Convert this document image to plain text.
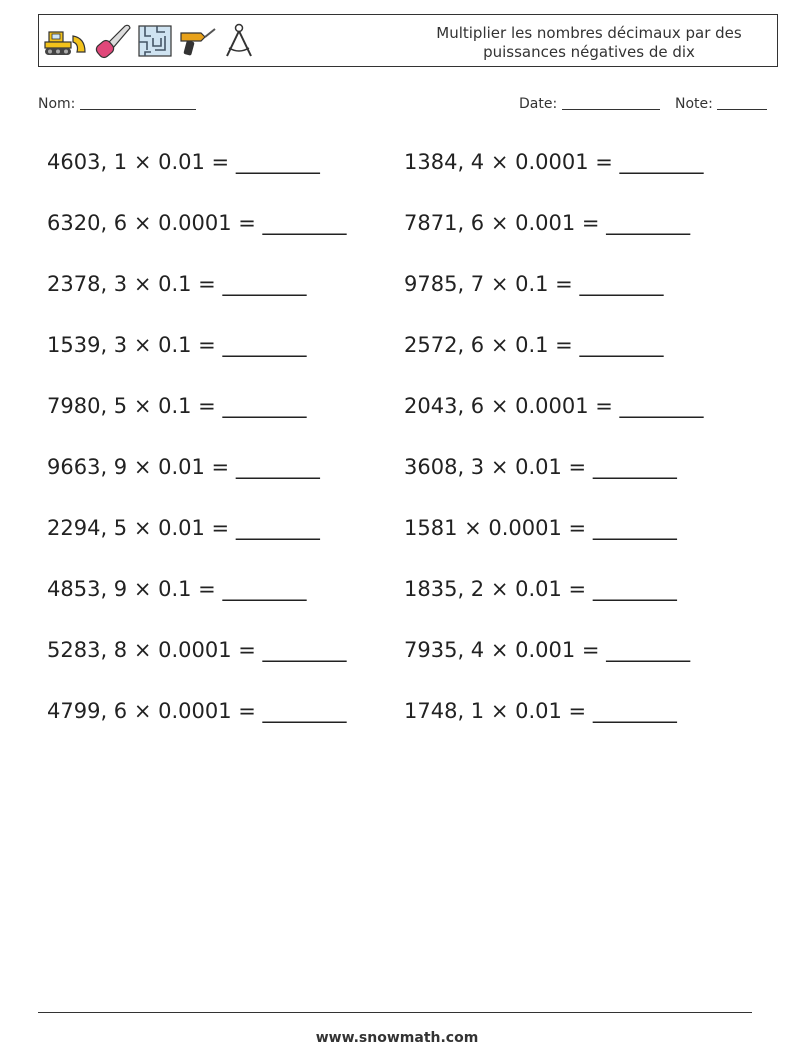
Multiplier les nombres décimaux par des
puissances négatives de dix
Nom:	Date:	Note:
4603, 1 × 0.01 = ________
6320, 6 × 0.0001 = ________
2378, 3 × 0.1 = ________
1539, 3 × 0.1 = ________
7980, 5 × 0.1 = ________
9663, 9 × 0.01 = ________
2294, 5 × 0.01 = ________
4853, 9 × 0.1 = ________
5283, 8 × 0.0001 = ________
4799, 6 × 0.0001 = ________
1384, 4 × 0.0001 = ________
7871, 6 × 0.001 = ________
9785, 7 × 0.1 = ________
2572, 6 × 0.1 = ________
2043, 6 × 0.0001 = ________
3608, 3 × 0.01 = ________
1581 × 0.0001 = ________
1835, 2 × 0.01 = ________
7935, 4 × 0.001 = ________
1748, 1 × 0.01 = ________
www.snowmath.com
